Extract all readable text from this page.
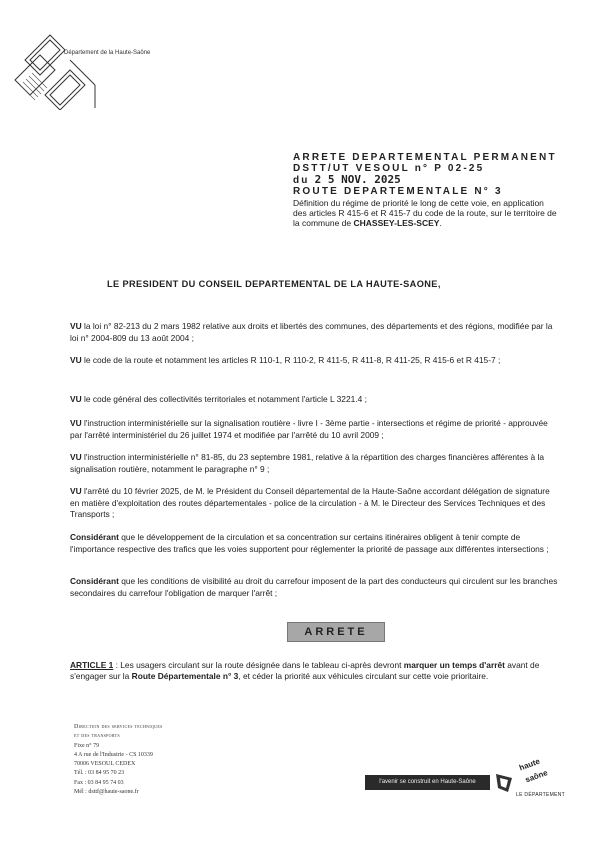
Département de la Haute-Saône
ARRETE DEPARTEMENTAL PERMANENT
DSTT/UT VESOUL n° P 02-25
du 2 5 NOV. 2025
ROUTE DEPARTEMENTALE N° 3
Définition du régime de priorité le long de cette voie, en application des articles R 415-6 et R 415-7 du code de la route, sur le territoire de la commune de CHASSEY-LES-SCEY.
LE PRESIDENT DU CONSEIL DEPARTEMENTAL DE LA HAUTE-SAONE,
VU la loi n° 82-213 du 2 mars 1982 relative aux droits et libertés des communes, des départements et des régions, modifiée par la loi n° 2004-809 du 13 août 2004 ;
VU le code de la route et notamment les articles R 110-1, R 110-2, R 411-5, R 411-8, R 411-25, R 415-6 et R 415-7 ;
VU le code général des collectivités territoriales et notamment l'article L 3221.4 ;
VU l'instruction interministérielle sur la signalisation routière - livre I - 3ème partie - intersections et régime de priorité - approuvée par l'arrêté interministériel du 26 juillet 1974 et modifiée par l'arrêté du 10 avril 2009 ;
VU l'instruction interministérielle n° 81-85, du 23 septembre 1981, relative à la répartition des charges financières afférentes à la signalisation routière, notamment le paragraphe n° 9 ;
VU l'arrêté du 10 février 2025, de M. le Président du Conseil départemental de la Haute-Saône accordant délégation de signature en matière d'exploitation des routes départementales - police de la circulation - à M. le Directeur des Services Techniques et des Transports ;
Considérant que le développement de la circulation et sa concentration sur certains itinéraires obligent à tenir compte de l'importance respective des trafics que les voies supportent pour réglementer la priorité de passage aux différentes intersections ;
Considérant que les conditions de visibilité au droit du carrefour imposent de la part des conducteurs qui circulent sur les branches secondaires du carrefour l'obligation de marquer l'arrêt ;
ARRETE
ARTICLE 1 : Les usagers circulant sur la route désignée dans le tableau ci-après devront marquer un temps d'arrêt avant de s'engager sur la Route Départementale n° 3, et céder la priorité aux véhicules circulant sur cette voie prioritaire.
Direction des services techniques
et des transports
Fixe n° 79
4 A rue de l'Industrie - CS 10339
70006 VESOUL CEDEX
Tél. : 03 84 95 70 23
Fax : 03 84 95 74 03
Mél : dsttf@haute-saone.fr
l'avenir se construit en Haute-Saône
haute
saône
LE DÉPARTEMENT
